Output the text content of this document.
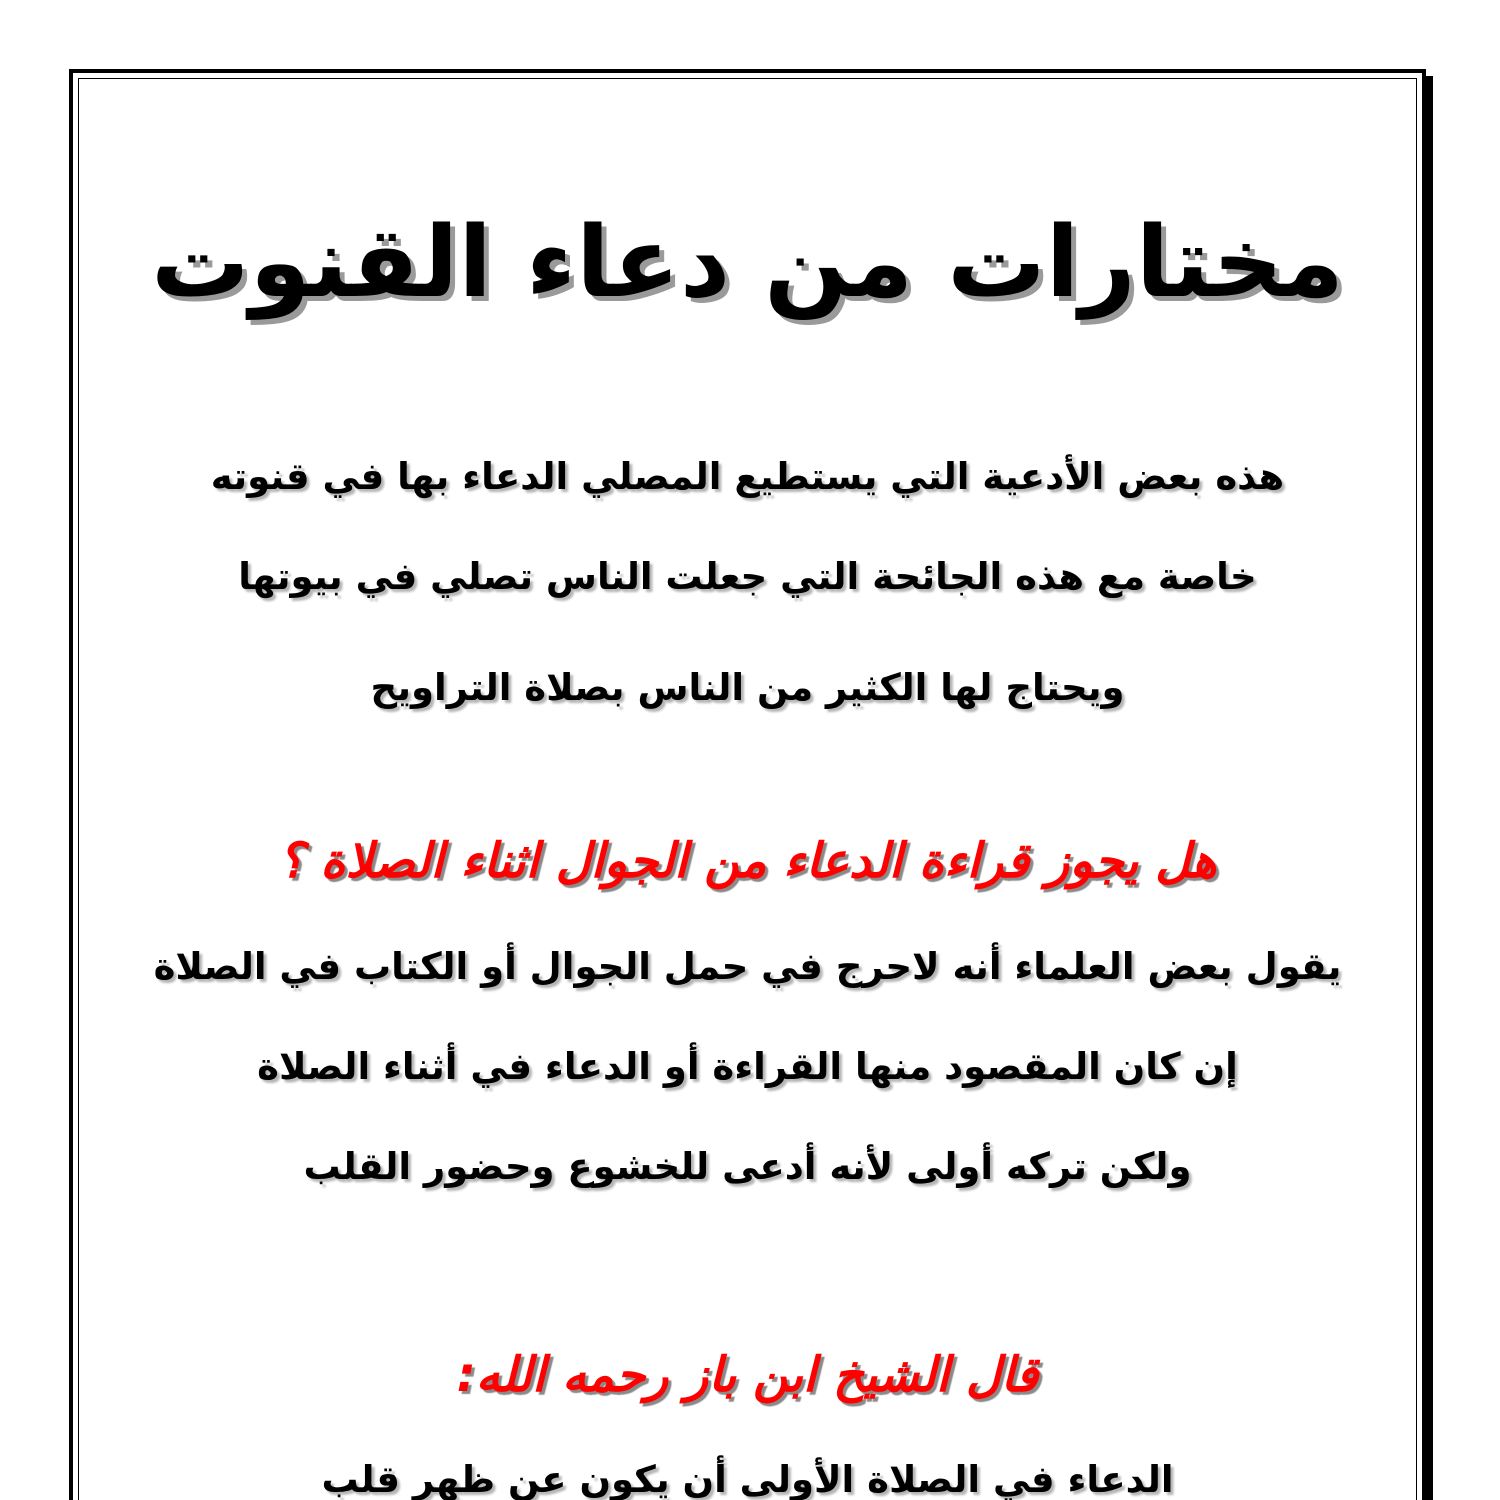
مختارات من دعاء القنوت
هذه بعض الأدعية التي يستطيع المصلي الدعاء بها في قنوته
خاصة مع هذه الجائحة التي جعلت الناس تصلي في بيوتها
ويحتاج لها الكثير من الناس بصلاة التراويح
هل يجوز قراءة الدعاء من الجوال اثناء الصلاة ؟
يقول بعض العلماء أنه لاحرج في حمل الجوال أو الكتاب في الصلاة
إن كان المقصود منها القراءة أو الدعاء في أثناء الصلاة
ولكن تركه أولى لأنه أدعى للخشوع وحضور القلب
قال الشيخ ابن باز رحمه الله:
الدعاء في الصلاة الأولى أن يكون عن ظهر قلب
